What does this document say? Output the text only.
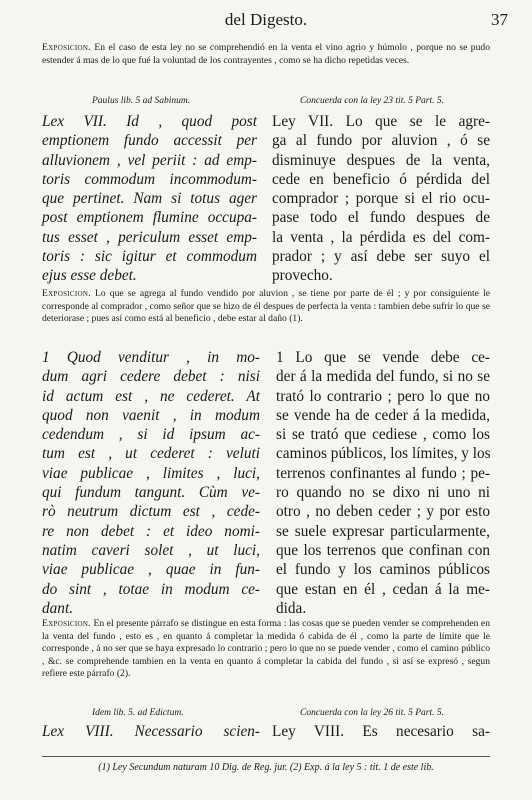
del Digesto.	37
Exposicion. En el caso de esta ley no se comprehendió en la venta el vino agrio y húmolo , porque no se pudo estender á mas de lo que fué la voluntad de los contrayentes , como se ha dicho repetidas veces.
Paulus lib. 5 ad Sabinum.	Concuerda con la ley 23 tit. 5 Part. 5.
Lex VII. Id , quod post
emptionem fundo accessit per
alluvionem , vel periit : ad emp-
toris commodum incommodum-
que pertinet. Nam si totus ager
post emptionem flumine occupa-
tus esset , periculum esset emp-
toris : sic igitur et commodum
ejus esse debet.
Ley VII. Lo que se le agre-
ga al fundo por aluvion , ó se
disminuye despues de la venta,
cede en beneficio ó pérdida del
comprador ; porque si el rio ocu-
pase todo el fundo despues de
la venta , la pérdida es del com-
prador ; y así debe ser suyo el
provecho.
Exposicion. Lo que se agrega al fundo vendido por aluvion , se tiene por parte de él ; y por consiguiente le corresponde al comprador , como señor que se hizo de él despues de perfecta la venta : tambien debe sufrir lo que se deteriorase ; pues así como está al beneficio , debe estar al daño (1).
1 Quod venditur , in mo-
dum agri cedere debet : nisi
id actum est , ne cederet. At
quod non vaenit , in modum
cedendum , si id ipsum ac-
tum est , ut cederet : veluti
viae publicae , limites , luci,
qui fundum tangunt. Cùm ve-
rò neutrum dictum est , cede-
re non debet : et ideo nomi-
natim caveri solet , ut luci,
viae publicae , quae in fun-
do sint , totae in modum ce-
dant.
1 Lo que se vende debe ce-
der á la medida del fundo, si no se
trató lo contrario ; pero lo que no
se vende ha de ceder á la medida,
si se trató que cediese , como los
caminos públicos, los límites, y los
terrenos confinantes al fundo ; pe-
ro quando no se dixo ni uno ni
otro , no deben ceder ; y por esto
se suele expresar particularmente,
que los terrenos que confinan con
el fundo y los caminos públicos
que estan en él , cedan á la me-
dida.
Exposicion. En el presente párrafo se distingue en esta forma : las cosas que se pueden vender se comprehenden en la venta del fundo , esto es , en quanto á completar la medida ó cabida de él , como la parte de límite que le corresponde , á no ser que se haya expresado lo contrario ; pero lo que no se puede vender , como el camino público , &c. se comprehende tambien en la venta en quanto á completar la cabida del fundo , si así se expresó , segun refiere este párrafo (2).
Idem lib. 5. ad Edictum.	Concuerda con la ley 26 tit. 5 Part. 5.
Lex VIII. Necessario scien- Ley VIII. Es necesario sa-
(1) Ley Secundum naturam 10 Dig. de Reg. jur. (2) Exp. á la ley 5 : tit. 1 de este lib.
